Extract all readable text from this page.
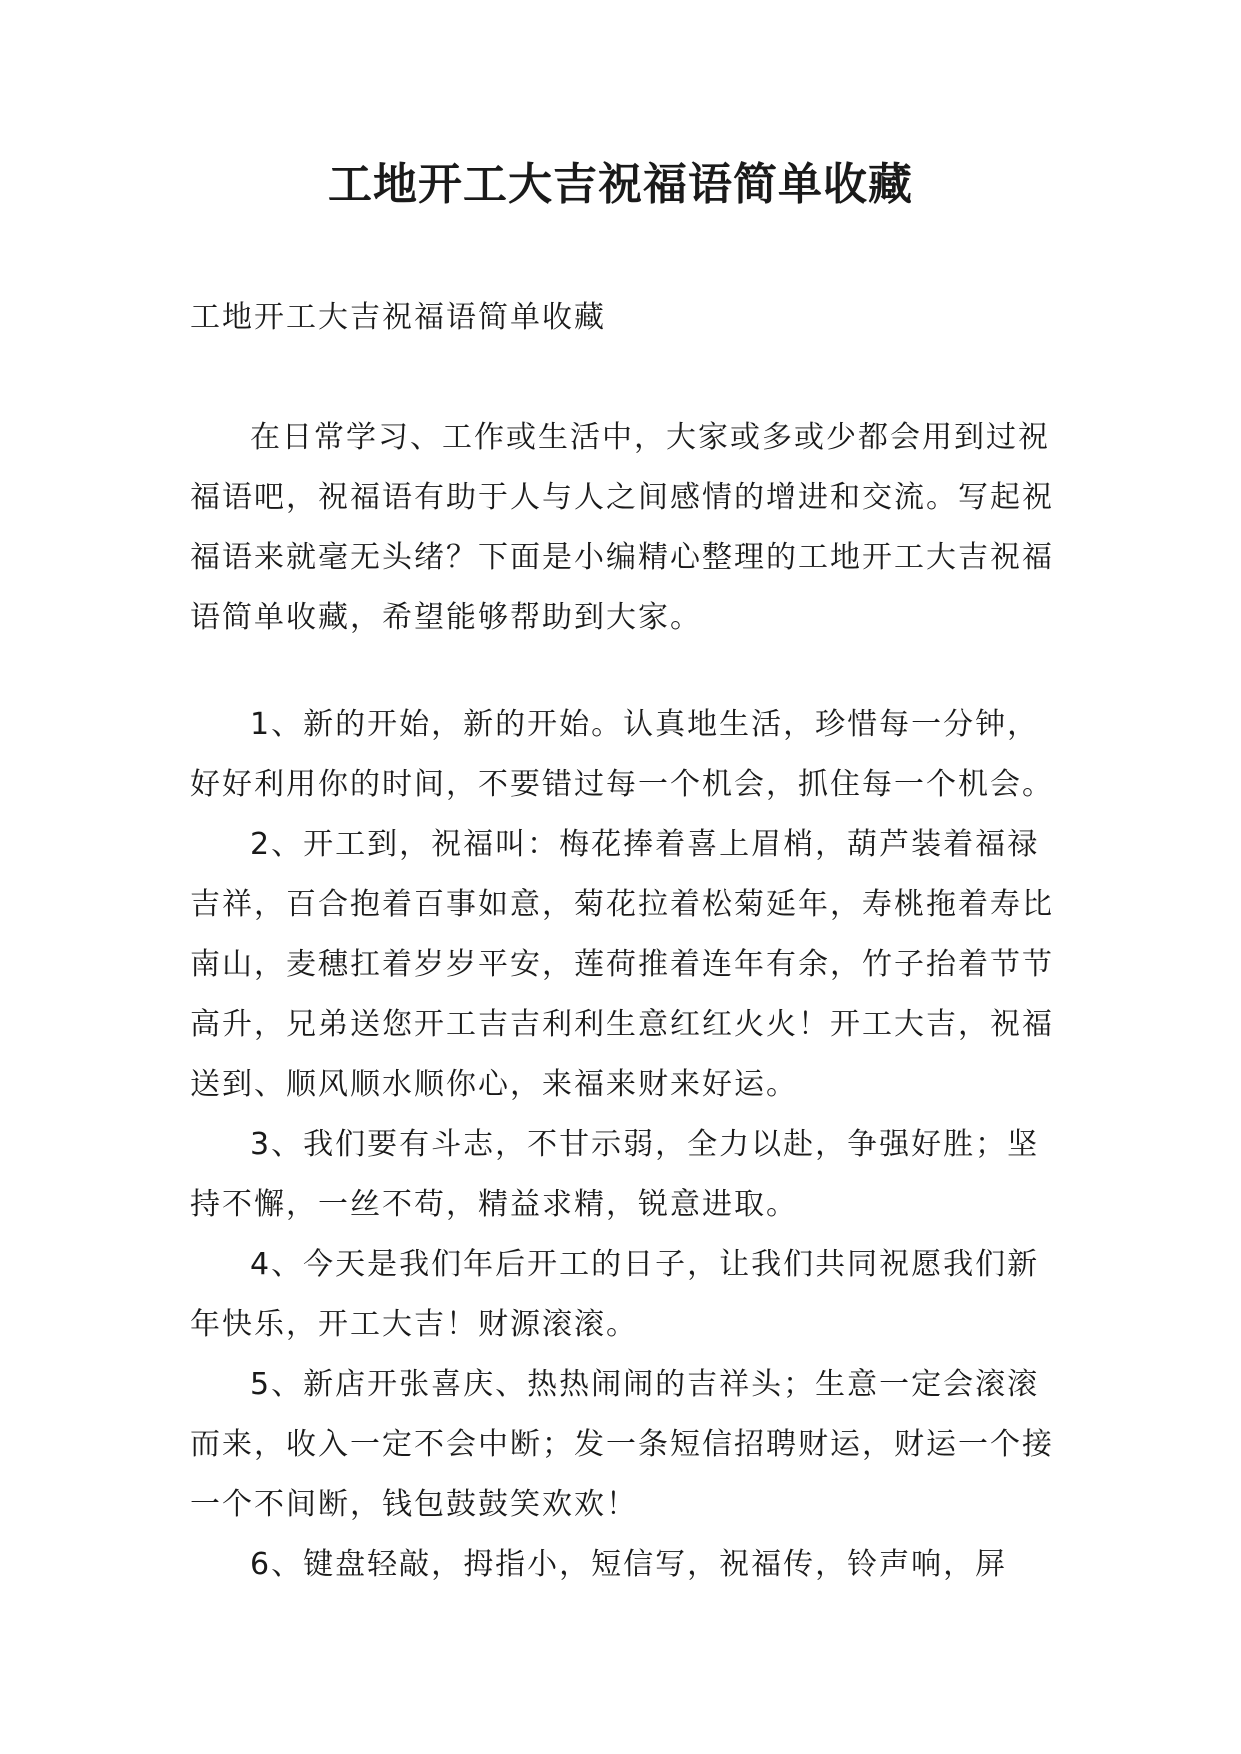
工地开工大吉祝福语简单收藏

工地开工大吉祝福语简单收藏

在日常学习、工作或生活中，大家或多或少都会用到过祝福语吧，祝福语有助于人与人之间感情的增进和交流。写起祝福语来就毫无头绪？下面是小编精心整理的工地开工大吉祝福语简单收藏，希望能够帮助到大家。

1、新的开始，新的开始。认真地生活，珍惜每一分钟，好好利用你的时间，不要错过每一个机会，抓住每一个机会。

2、开工到，祝福叫：梅花捧着喜上眉梢，葫芦装着福禄吉祥，百合抱着百事如意，菊花拉着松菊延年，寿桃拖着寿比南山，麦穗扛着岁岁平安，莲荷推着连年有余，竹子抬着节节高升，兄弟送您开工吉吉利利生意红红火火！开工大吉，祝福送到、顺风顺水顺你心，来福来财来好运。

3、我们要有斗志，不甘示弱，全力以赴，争强好胜；坚持不懈，一丝不苟，精益求精，锐意进取。

4、今天是我们年后开工的日子，让我们共同祝愿我们新年快乐，开工大吉！财源滚滚。

5、新店开张喜庆、热热闹闹的吉祥头；生意一定会滚滚而来，收入一定不会中断；发一条短信招聘财运，财运一个接一个不间断，钱包鼓鼓笑欢欢！

6、键盘轻敲，拇指小，短信写，祝福传，铃声响，屏
